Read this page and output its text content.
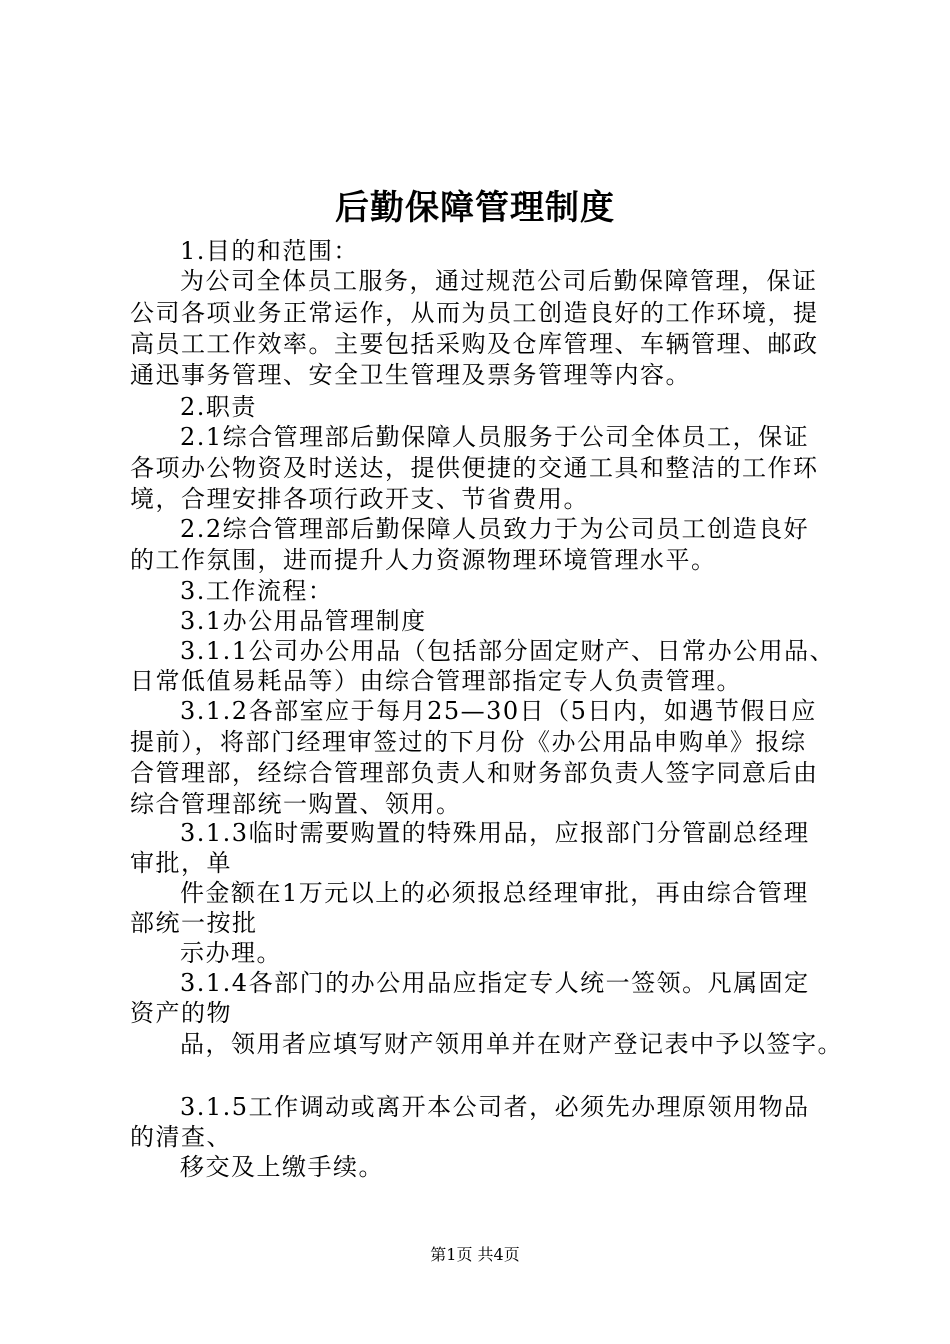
后勤保障管理制度
1.目的和范围：
为公司全体员工服务，通过规范公司后勤保障管理，保证
公司各项业务正常运作，从而为员工创造良好的工作环境，提
高员工工作效率。主要包括采购及仓库管理、车辆管理、邮政
通迅事务管理、安全卫生管理及票务管理等内容。
2.职责
2.1综合管理部后勤保障人员服务于公司全体员工，保证
各项办公物资及时送达，提供便捷的交通工具和整洁的工作环
境，合理安排各项行政开支、节省费用。
2.2综合管理部后勤保障人员致力于为公司员工创造良好
的工作氛围，进而提升人力资源物理环境管理水平。
3.工作流程：
3.1办公用品管理制度
3.1.1公司办公用品（包括部分固定财产、日常办公用品、
日常低值易耗品等）由综合管理部指定专人负责管理。
3.1.2各部室应于每月25—30日（5日内，如遇节假日应
提前），将部门经理审签过的下月份《办公用品申购单》报综
合管理部，经综合管理部负责人和财务部负责人签字同意后由
综合管理部统一购置、领用。
3.1.3临时需要购置的特殊用品，应报部门分管副总经理
审批，单
件金额在1万元以上的必须报总经理审批，再由综合管理
部统一按批
示办理。
3.1.4各部门的办公用品应指定专人统一签领。凡属固定
资产的物
品，领用者应填写财产领用单并在财产登记表中予以签字。
3.1.5工作调动或离开本公司者，必须先办理原领用物品
的清查、
移交及上缴手续。
第1页 共4页
